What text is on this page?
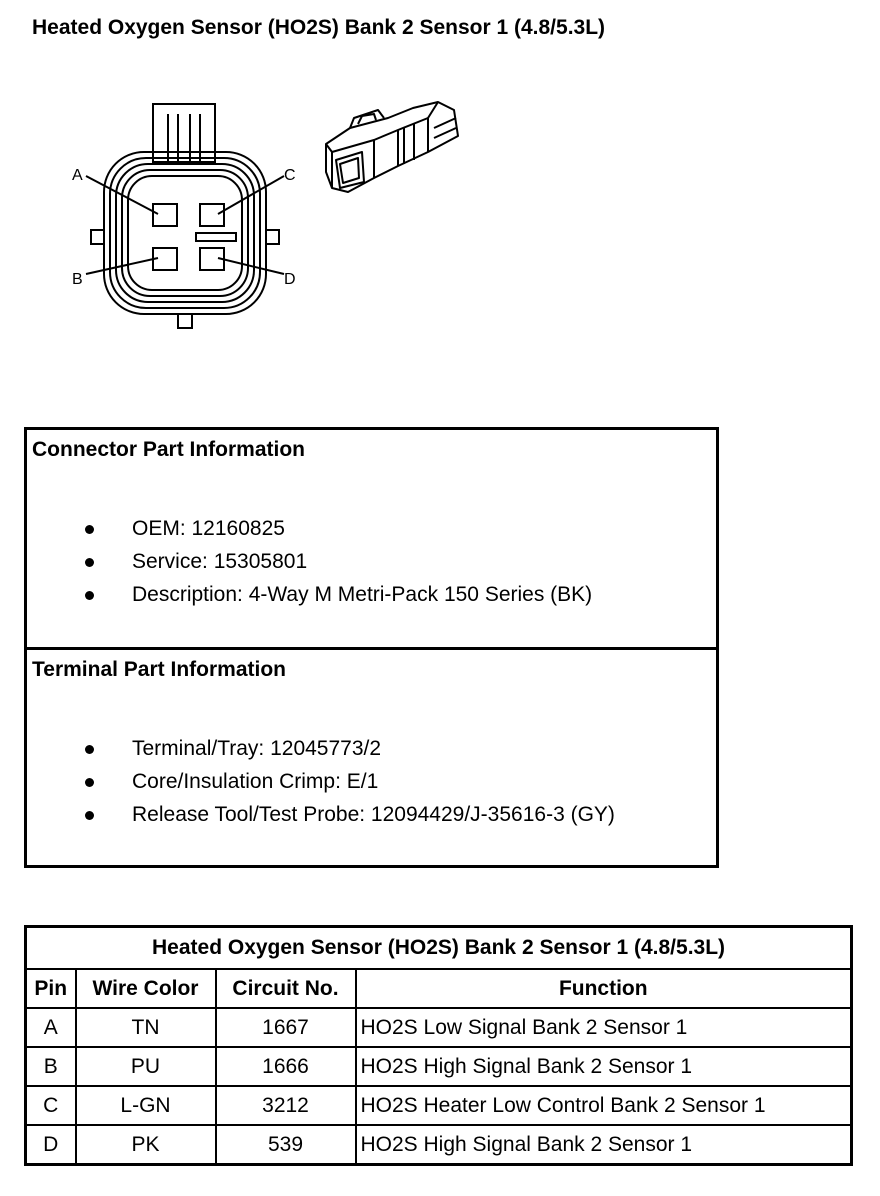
Heated Oxygen Sensor (HO2S) Bank 2 Sensor 1 (4.8/5.3L)
A	C
B	D
Connector Part Information
OEM: 12160825
Service: 15305801
Description: 4-Way M Metri-Pack 150 Series (BK)
Terminal Part Information
Terminal/Tray: 12045773/2
Core/Insulation Crimp: E/1
Release Tool/Test Probe: 12094429/J-35616-3 (GY)
Heated Oxygen Sensor (HO2S) Bank 2 Sensor 1 (4.8/5.3L)			
Pin	Wire Color	Circuit No.	Function
A	TN	1667	HO2S Low Signal Bank 2 Sensor 1
B	PU	1666	HO2S High Signal Bank 2 Sensor 1
C	L-GN	3212	HO2S Heater Low Control Bank 2 Sensor 1
D	PK	539	HO2S High Signal Bank 2 Sensor 1
